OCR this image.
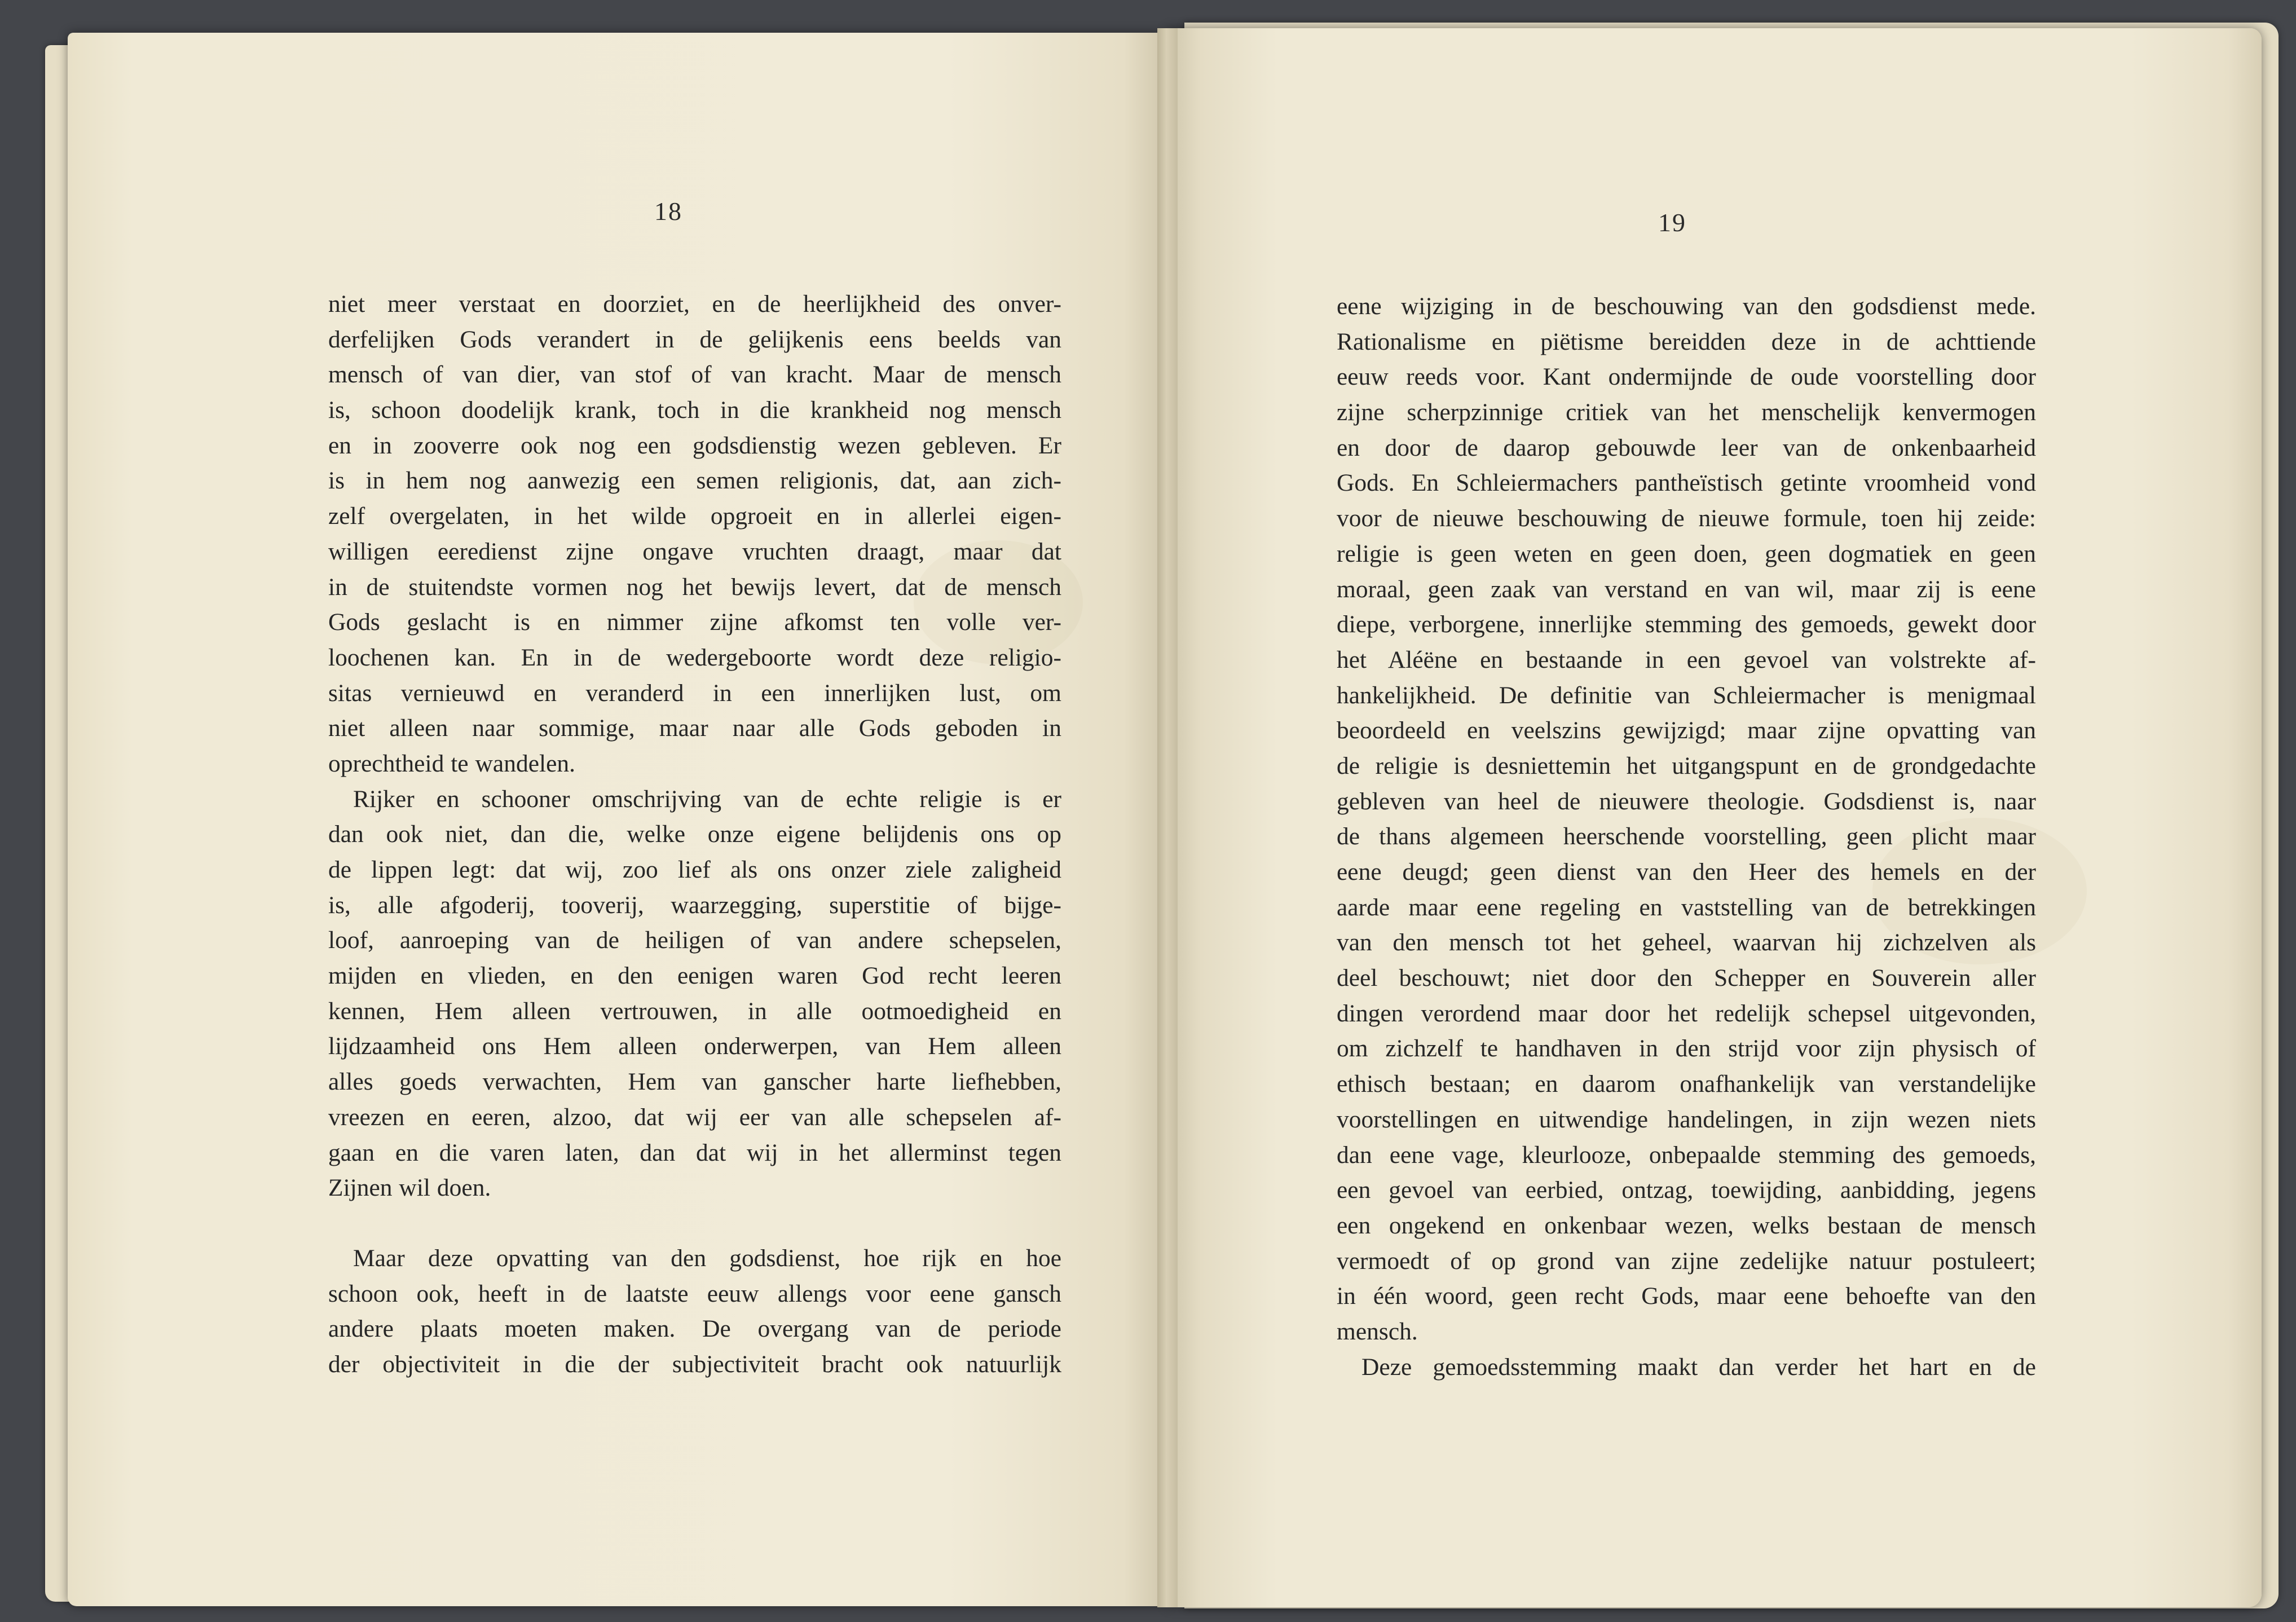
18
niet meer verstaat en doorziet, en de heerlijkheid des onver-
derfelijken Gods verandert in de gelijkenis eens beelds van
mensch of van dier, van stof of van kracht. Maar de mensch
is, schoon doodelijk krank, toch in die krankheid nog mensch
en in zooverre ook nog een godsdienstig wezen gebleven. Er
is in hem nog aanwezig een semen religionis, dat, aan zich-
zelf overgelaten, in het wilde opgroeit en in allerlei eigen-
willigen eeredienst zijne ongave vruchten draagt, maar dat
in de stuitendste vormen nog het bewijs levert, dat de mensch
Gods geslacht is en nimmer zijne afkomst ten volle ver-
loochenen kan. En in de wedergeboorte wordt deze religio-
sitas vernieuwd en veranderd in een innerlijken lust, om
niet alleen naar sommige, maar naar alle Gods geboden in
oprechtheid te wandelen.
Rijker en schooner omschrijving van de echte religie is er
dan ook niet, dan die, welke onze eigene belijdenis ons op
de lippen legt: dat wij, zoo lief als ons onzer ziele zaligheid
is, alle afgoderij, tooverij, waarzegging, superstitie of bijge-
loof, aanroeping van de heiligen of van andere schepselen,
mijden en vlieden, en den eenigen waren God recht leeren
kennen, Hem alleen vertrouwen, in alle ootmoedigheid en
lijdzaamheid ons Hem alleen onderwerpen, van Hem alleen
alles goeds verwachten, Hem van ganscher harte liefhebben,
vreezen en eeren, alzoo, dat wij eer van alle schepselen af-
gaan en die varen laten, dan dat wij in het allerminst tegen
Zijnen wil doen.
Maar deze opvatting van den godsdienst, hoe rijk en hoe
schoon ook, heeft in de laatste eeuw allengs voor eene gansch
andere plaats moeten maken. De overgang van de periode
der objectiviteit in die der subjectiviteit bracht ook natuurlijk
19
eene wijziging in de beschouwing van den godsdienst mede.
Rationalisme en piëtisme bereidden deze in de achttiende
eeuw reeds voor. Kant ondermijnde de oude voorstelling door
zijne scherpzinnige critiek van het menschelijk kenvermogen
en door de daarop gebouwde leer van de onkenbaarheid
Gods. En Schleiermachers pantheïstisch getinte vroomheid vond
voor de nieuwe beschouwing de nieuwe formule, toen hij zeide:
religie is geen weten en geen doen, geen dogmatiek en geen
moraal, geen zaak van verstand en van wil, maar zij is eene
diepe, verborgene, innerlijke stemming des gemoeds, gewekt door
het Aléëne en bestaande in een gevoel van volstrekte af-
hankelijkheid. De definitie van Schleiermacher is menigmaal
beoordeeld en veelszins gewijzigd; maar zijne opvatting van
de religie is desniettemin het uitgangspunt en de grondgedachte
gebleven van heel de nieuwere theologie. Godsdienst is, naar
de thans algemeen heerschende voorstelling, geen plicht maar
eene deugd; geen dienst van den Heer des hemels en der
aarde maar eene regeling en vaststelling van de betrekkingen
van den mensch tot het geheel, waarvan hij zichzelven als
deel beschouwt; niet door den Schepper en Souverein aller
dingen verordend maar door het redelijk schepsel uitgevonden,
om zichzelf te handhaven in den strijd voor zijn physisch of
ethisch bestaan; en daarom onafhankelijk van verstandelijke
voorstellingen en uitwendige handelingen, in zijn wezen niets
dan eene vage, kleurlooze, onbepaalde stemming des gemoeds,
een gevoel van eerbied, ontzag, toewijding, aanbidding, jegens
een ongekend en onkenbaar wezen, welks bestaan de mensch
vermoedt of op grond van zijne zedelijke natuur postuleert;
in één woord, geen recht Gods, maar eene behoefte van den
mensch.
Deze gemoedsstemming maakt dan verder het hart en de
